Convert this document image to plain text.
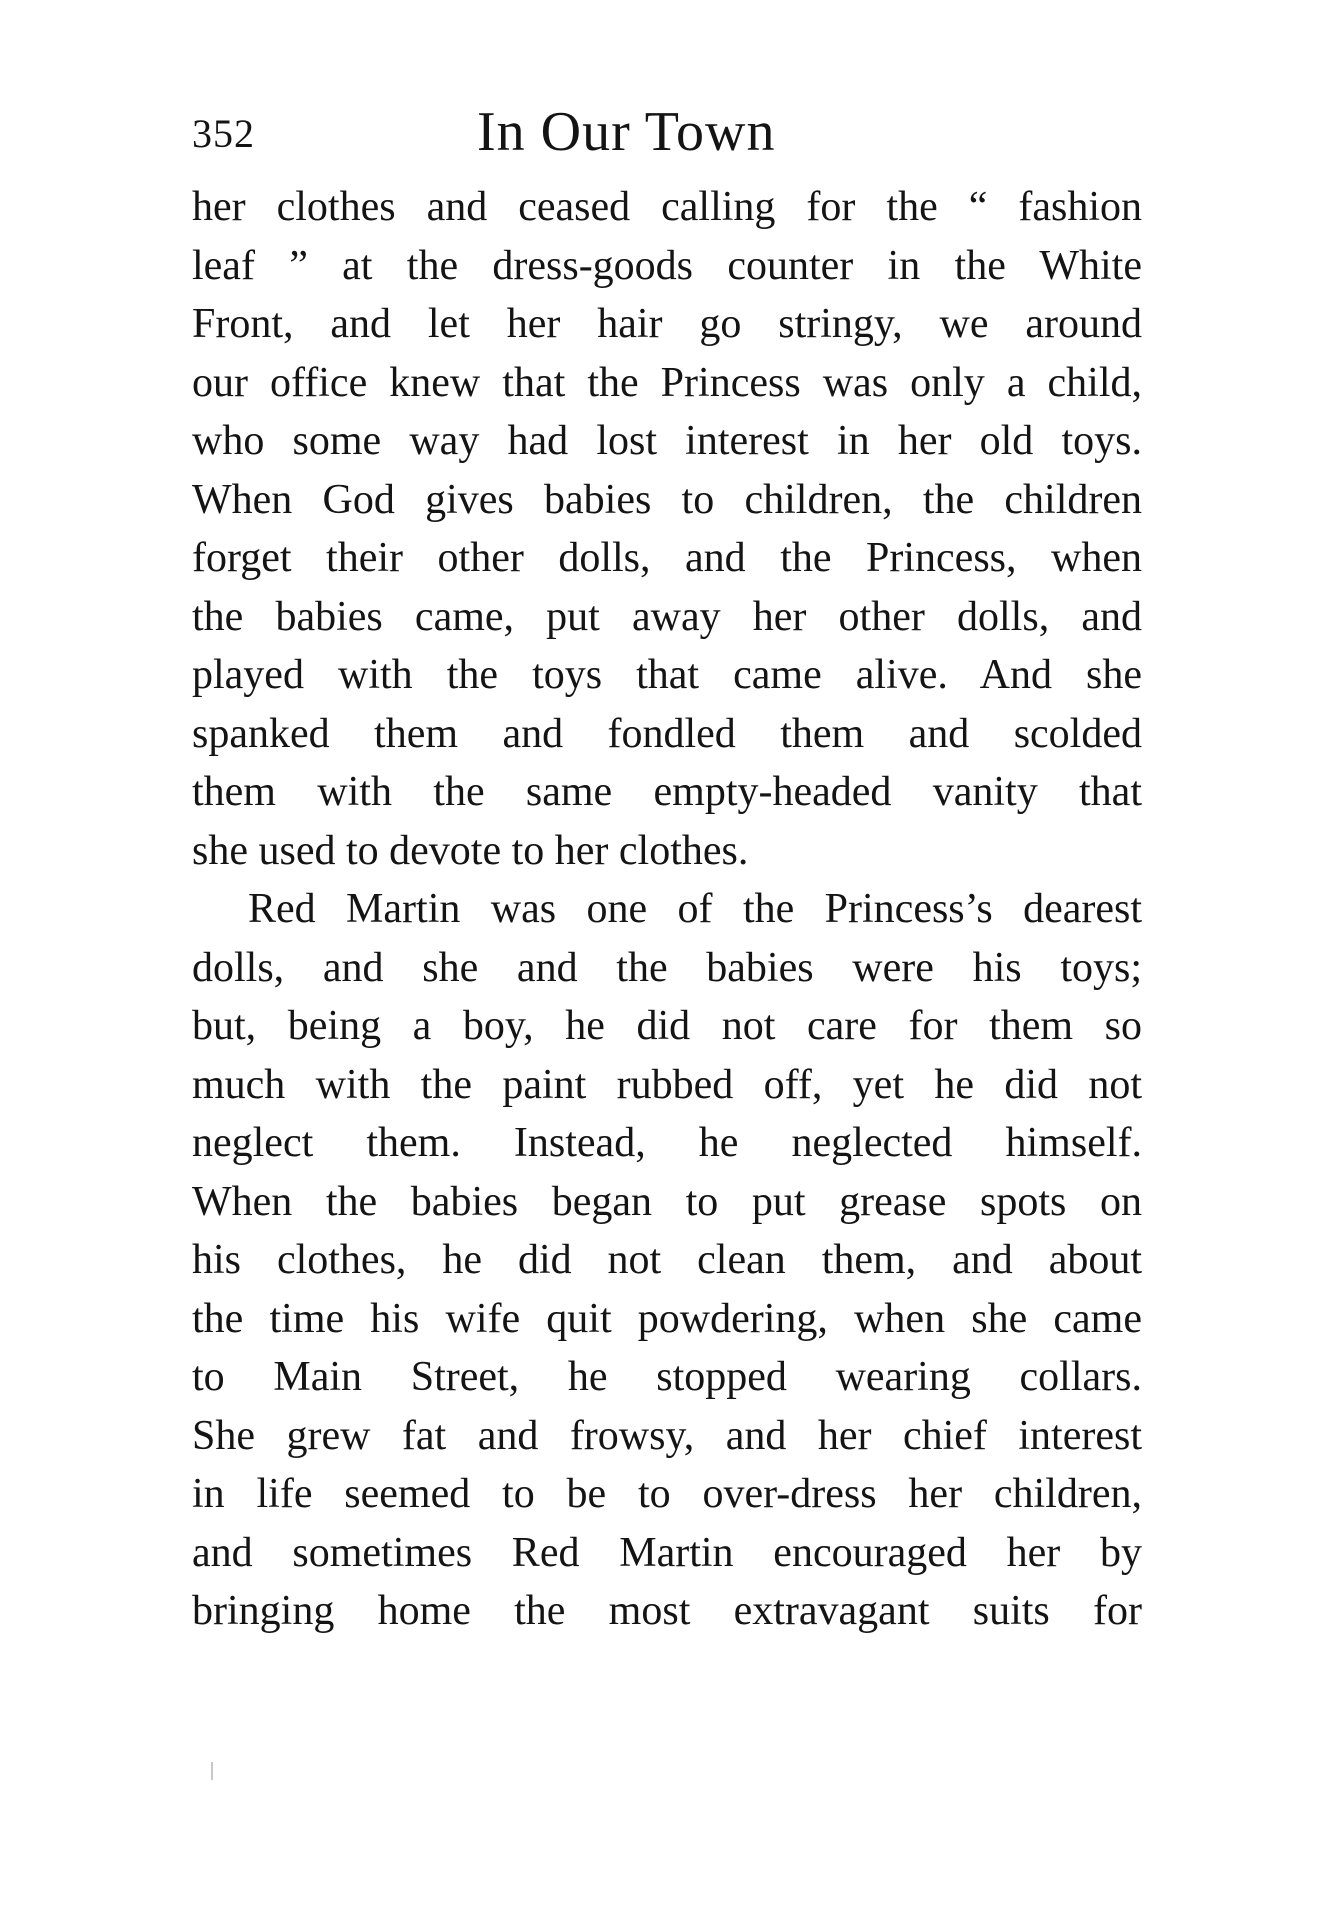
352	In Our Town
her clothes and ceased calling for the “ fashion
leaf ” at the dress-goods counter in the White
Front, and let her hair go stringy, we around
our office knew that the Princess was only a child,
who some way had lost interest in her old toys.
When God gives babies to children, the children
forget their other dolls, and the Princess, when
the babies came, put away her other dolls, and
played with the toys that came alive. And she
spanked them and fondled them and scolded
them with the same empty-headed vanity that
she used to devote to her clothes.
Red Martin was one of the Princess’s dearest
dolls, and she and the babies were his toys;
but, being a boy, he did not care for them so
much with the paint rubbed off, yet he did not
neglect them. Instead, he neglected himself.
When the babies began to put grease spots on
his clothes, he did not clean them, and about
the time his wife quit powdering, when she came
to Main Street, he stopped wearing collars.
She grew fat and frowsy, and her chief interest
in life seemed to be to over-dress her children,
and sometimes Red Martin encouraged her by
bringing home the most extravagant suits for
